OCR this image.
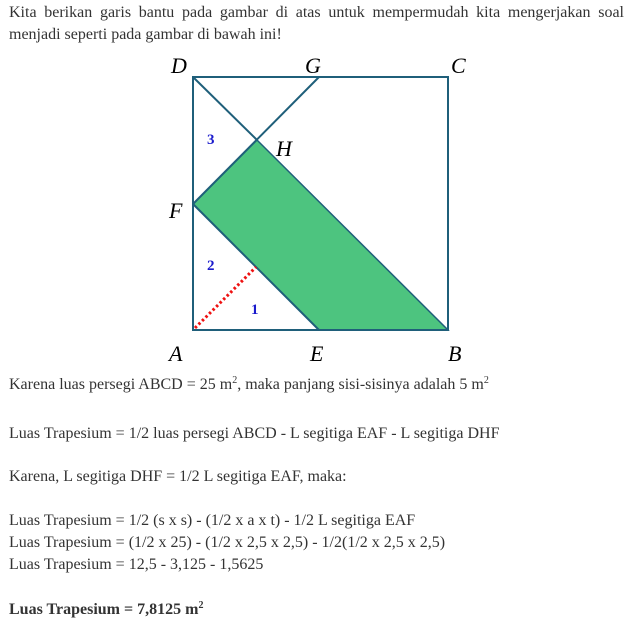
Kita berikan garis bantu pada gambar di atas untuk mempermudah kita mengerjakan soal menjadi seperti pada gambar di bawah ini!

D	G	C
H
F
A	E	B
3
2
1

Karena luas persegi ABCD = 25 $m^2$, maka panjang sisi-sisinya adalah 5 $m^2$

Luas Trapesium = 1/2 luas persegi ABCD - L segitiga EAF - L segitiga DHF

Karena, L segitiga DHF = 1/2 L segitiga EAF, maka:

Luas Trapesium = 1/2 (s x s) - (1/2 x a x t) - 1/2 L segitiga EAF

Luas Trapesium = (1/2 x 25) - (1/2 x 2,5 x 2,5) - 1/2(1/2 x 2,5 x 2,5)

Luas Trapesium = 12,5 - 3,125 - 1,5625

Luas Trapesium = 7,8125 $m^2$
